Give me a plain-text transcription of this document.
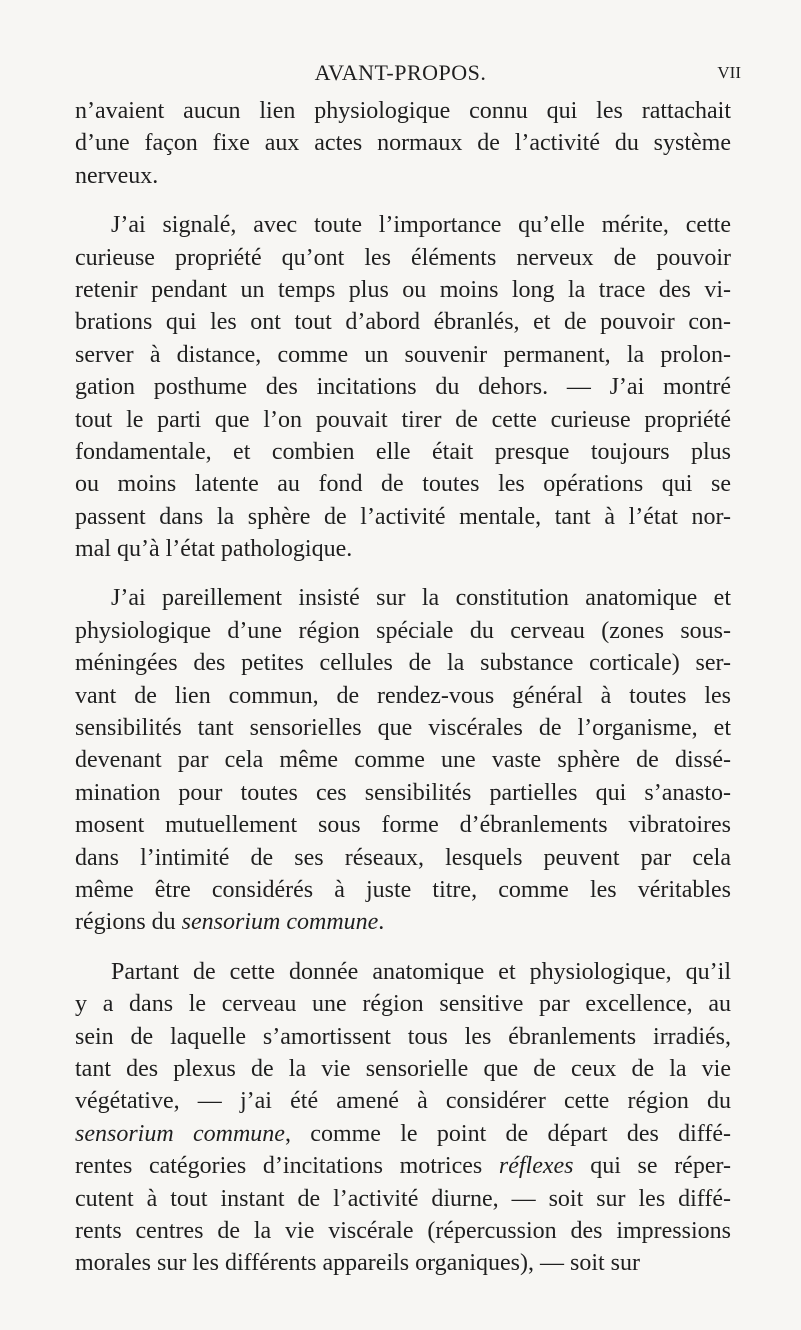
AVANT-PROPOS.	VII
n’avaient aucun lien physiologique connu qui les rattachait
d’une façon fixe aux actes normaux de l’activité du système
nerveux.
J’ai signalé, avec toute l’importance qu’elle mérite, cette
curieuse propriété qu’ont les éléments nerveux de pouvoir
retenir pendant un temps plus ou moins long la trace des vi-
brations qui les ont tout d’abord ébranlés, et de pouvoir con-
server à distance, comme un souvenir permanent, la prolon-
gation posthume des incitations du dehors. — J’ai montré
tout le parti que l’on pouvait tirer de cette curieuse propriété
fondamentale, et combien elle était presque toujours plus
ou moins latente au fond de toutes les opérations qui se
passent dans la sphère de l’activité mentale, tant à l’état nor-
mal qu’à l’état pathologique.
J’ai pareillement insisté sur la constitution anatomique et
physiologique d’une région spéciale du cerveau (zones sous-
méningées des petites cellules de la substance corticale) ser-
vant de lien commun, de rendez-vous général à toutes les
sensibilités tant sensorielles que viscérales de l’organisme, et
devenant par cela même comme une vaste sphère de dissé-
mination pour toutes ces sensibilités partielles qui s’anasto-
mosent mutuellement sous forme d’ébranlements vibratoires
dans l’intimité de ses réseaux, lesquels peuvent par cela
même être considérés à juste titre, comme les véritables
régions du sensorium commune.
Partant de cette donnée anatomique et physiologique, qu’il
y a dans le cerveau une région sensitive par excellence, au
sein de laquelle s’amortissent tous les ébranlements irradiés,
tant des plexus de la vie sensorielle que de ceux de la vie
végétative, — j’ai été amené à considérer cette région du
sensorium commune, comme le point de départ des diffé-
rentes catégories d’incitations motrices réflexes qui se réper-
cutent à tout instant de l’activité diurne, — soit sur les diffé-
rents centres de la vie viscérale (répercussion des impressions
morales sur les différents appareils organiques), — soit sur
